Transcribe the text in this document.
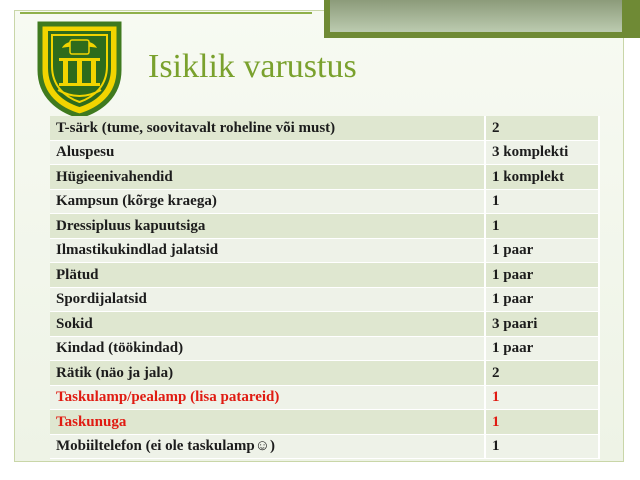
Isiklik varustus
T-särk (tume, soovitavalt roheline või must)	2
Aluspesu	3 komplekti
Hügieenivahendid	1 komplekt
Kampsun (kõrge kraega)	1
Dressipluus kapuutsiga	1
Ilmastikukindlad jalatsid	1 paar
Plätud	1 paar
Spordijalatsid	1 paar
Sokid	3 paari
Kindad (töökindad)	1 paar
Rätik (näo ja jala)	2
Taskulamp/pealamp (lisa patareid)	1
Taskunuga	1
Mobiiltelefon (ei ole taskulamp☺)	1
